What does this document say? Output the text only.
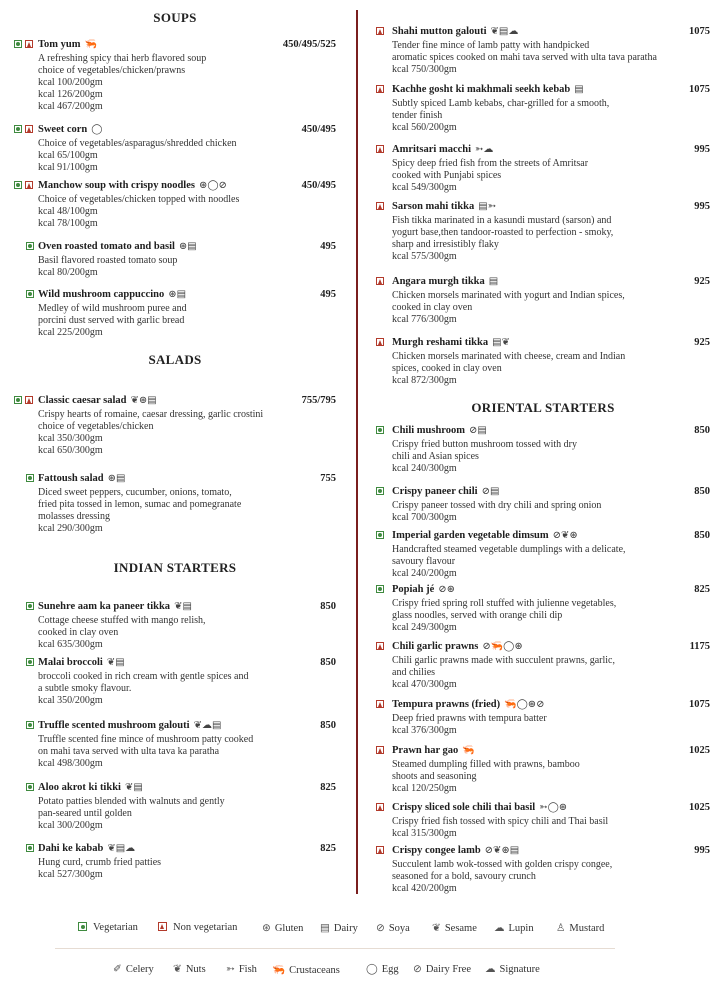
SOUPS
Tom yum 🦐	450/495/525
A refreshing spicy thai herb flavored soup
choice of vegetables/chicken/prawns
kcal 100/200gm
kcal 126/200gm
kcal 467/200gm
Sweet corn ◯	450/495
Choice of vegetables/asparagus/shredded chicken
kcal 65/100gm
kcal 91/100gm
Manchow soup with crispy noodles ⊛◯⊘	450/495
Choice of vegetables/chicken topped with noodles
kcal 48/100gm
kcal 78/100gm
Oven roasted tomato and basil ⊛▤	495
Basil flavored roasted tomato soup
kcal 80/200gm
Wild mushroom cappuccino ⊛▤	495
Medley of wild mushroom puree and
porcini dust served with garlic bread
kcal 225/200gm
SALADS
Classic caesar salad ❦⊛▤	755/795
Crispy hearts of romaine, caesar dressing, garlic crostini
choice of vegetables/chicken
kcal 350/300gm
kcal 650/300gm
Fattoush salad ⊛▤	755
Diced sweet peppers, cucumber, onions, tomato,
fried pita tossed in lemon, sumac and pomegranate
molasses dressing
kcal 290/300gm
INDIAN STARTERS
Sunehre aam ka paneer tikka ❦▤	850
Cottage cheese stuffed with mango relish,
cooked in clay oven
kcal 635/300gm
Malai broccoli ❦▤	850
broccoli cooked in rich cream with gentle spices and
a subtle smoky flavour.
kcal 350/200gm
Truffle scented mushroom galouti ❦☁▤	850
Truffle scented fine mince of mushroom patty cooked
on mahi tava served with ulta tava ka paratha
kcal 498/300gm
Aloo akrot ki tikki ❦▤	825
Potato patties blended with walnuts and gently
pan-seared until golden
kcal 300/200gm
Dahi ke kabab ❦▤☁	825
Hung curd, crumb fried patties
kcal 527/300gm
Shahi mutton galouti ❦▤☁	1075
Tender fine mince of lamb patty with handpicked
aromatic spices cooked on mahi tava served with ulta tava paratha
kcal 750/300gm
Kachhe gosht ki makhmali seekh kebab ▤	1075
Subtly spiced Lamb kebabs, char-grilled for a smooth,
tender finish
kcal 560/200gm
Amritsari macchi ➳☁	995
Spicy deep fried fish from the streets of Amritsar
cooked with Punjabi spices
kcal 549/300gm
Sarson mahi tikka ▤➳	995
Fish tikka marinated in a kasundi mustard (sarson) and
yogurt base,then tandoor-roasted to perfection - smoky,
sharp and irresistibly flaky
kcal 575/300gm
Angara murgh tikka ▤	925
Chicken morsels marinated with yogurt and Indian spices,
cooked in clay oven
kcal 776/300gm
Murgh reshami tikka ▤❦	925
Chicken morsels marinated with cheese, cream and Indian
spices, cooked in clay oven
kcal 872/300gm
ORIENTAL STARTERS
Chili mushroom ⊘▤	850
Crispy fried button mushroom tossed with dry
chili and Asian spices
kcal 240/300gm
Crispy paneer chili ⊘▤	850
Crispy paneer tossed with dry chili and spring onion
kcal 700/300gm
Imperial garden vegetable dimsum ⊘❦⊛	850
Handcrafted steamed vegetable dumplings with a delicate,
savoury flavour
kcal 240/200gm
Popiah jé ⊘⊛	825
Crispy fried spring roll stuffed with julienne vegetables,
glass noodles, served with orange chili dip
kcal 249/300gm
Chili garlic prawns ⊘🦐◯⊛	1175
Chili garlic prawns made with succulent prawns, garlic,
and chilies
kcal 470/300gm
Tempura prawns (fried) 🦐◯⊛⊘	1075
Deep fried prawns with tempura batter
kcal 376/300gm
Prawn har gao 🦐	1025
Steamed dumpling filled with prawns, bamboo
shoots and seasoning
kcal 120/250gm
Crispy sliced sole chili thai basil ➳◯⊛	1025
Crispy fried fish tossed with spicy chili and Thai basil
kcal 315/300gm
Crispy congee lamb ⊘❦⊛▤	995
Succulent lamb wok-tossed with golden crispy congee,
seasoned for a bold, savoury crunch
kcal 420/200gm
Vegetarian	Non vegetarian ⊛ Gluten ▤ Dairy ⊘ Soya ❦ Sesame ☁ Lupin ♙ Mustard
✐ Celery ❦ Nuts ➳ Fish 🦐 Crustaceans ◯ Egg ⊘ Dairy Free ☁ Signature
